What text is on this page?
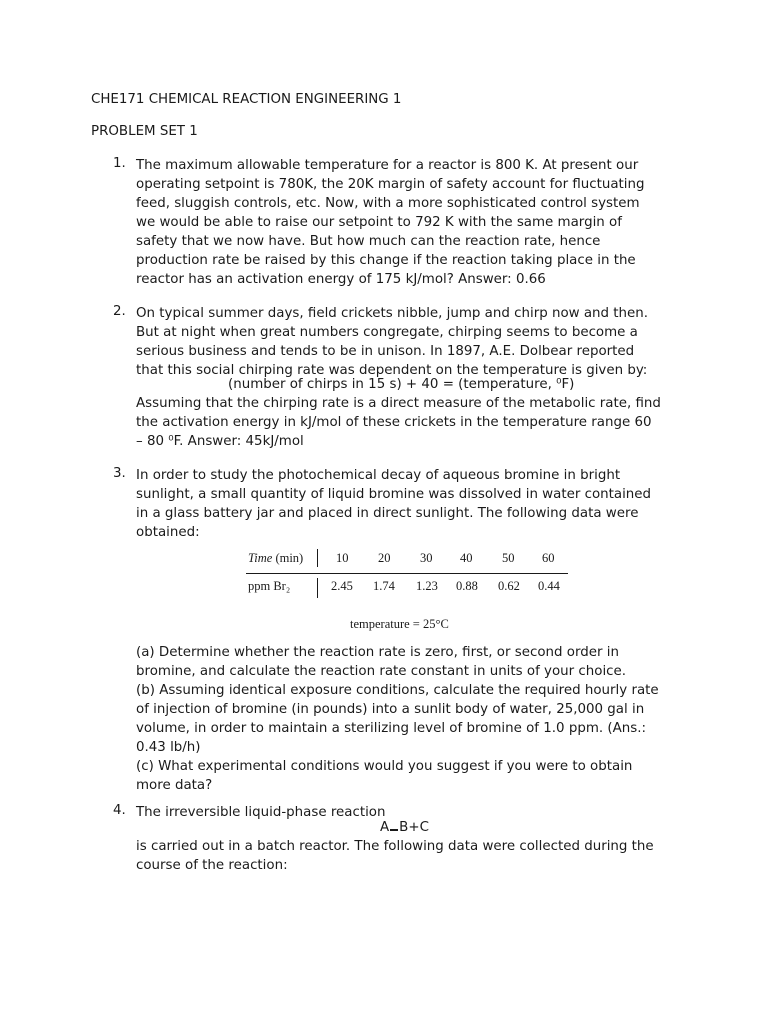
CHE171 CHEMICAL REACTION ENGINEERING 1
PROBLEM SET 1
1. The maximum allowable temperature for a reactor is 800 K. At present our

operating setpoint is 780K, the 20K margin of safety account for fluctuating

feed, sluggish controls, etc. Now, with a more sophisticated control system

we would be able to raise our setpoint to 792 K with the same margin of

safety that we now have. But how much can the reaction rate, hence

production rate be raised by this change if the reaction taking place in the

reactor has an activation energy of 175 kJ/mol? Answer: 0.66

2. On typical summer days, field crickets nibble, jump and chirp now and then.

But at night when great numbers congregate, chirping seems to become a

serious business and tends to be in unison. In 1897, A.E. Dolbear reported

that this social chirping rate was dependent on the temperature is given by:

(number of chirps in 15 s) + 40 = (temperature, ⁰F)

Assuming that the chirping rate is a direct measure of the metabolic rate, find

the activation energy in kJ/mol of these crickets in the temperature range 60

– 80 ⁰F. Answer: 45kJ/mol

3. In order to study the photochemical decay of aqueous bromine in bright

sunlight, a small quantity of liquid bromine was dissolved in water contained

in a glass battery jar and placed in direct sunlight. The following data were

obtained:

Time (min)	10 20 30 40 50 60
ppm Br₂	2.45 1.74 1.23 0.88 0.62 0.44
temperature = 25°C

(a) Determine whether the reaction rate is zero, first, or second order in

bromine, and calculate the reaction rate constant in units of your choice.

(b) Assuming identical exposure conditions, calculate the required hourly rate

of injection of bromine (in pounds) into a sunlit body of water, 25,000 gal in

volume, in order to maintain a sterilizing level of bromine of 1.0 ppm. (Ans.:

0.43 lb/h)

(c) What experimental conditions would you suggest if you were to obtain

more data?

4. The irreversible liquid-phase reaction

A B+C

is carried out in a batch reactor. The following data were collected during the

course of the reaction:
